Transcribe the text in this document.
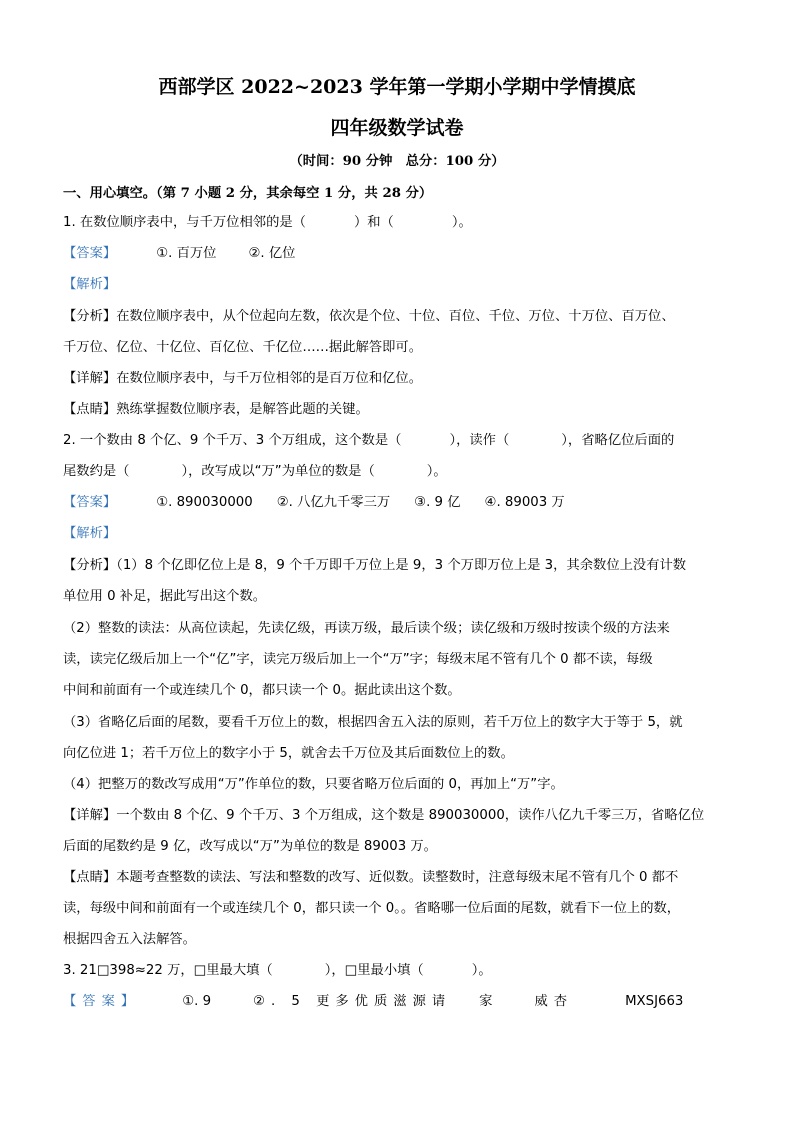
西部学区 2022~2023 学年第一学期小学期中学情摸底
四年级数学试卷
（时间：90 分钟　总分：100 分）
一、用心填空。（第 7 小题 2 分，其余每空 1 分，共 28 分）
1. 在数位顺序表中，与千万位相邻的是（	）和（	）。
【答案】	①. 百万位 ②. 亿位
【解析】
【分析】在数位顺序表中，从个位起向左数，依次是个位、十位、百位、千位、万位、十万位、百万位、
千万位、亿位、十亿位、百亿位、千亿位……据此解答即可。
【详解】在数位顺序表中，与千万位相邻的是百万位和亿位。
【点睛】熟练掌握数位顺序表，是解答此题的关键。
2. 一个数由 8 个亿、9 个千万、3 个万组成，这个数是（	），读作（	），省略亿位后面的
尾数约是（	），改写成以“万”为单位的数是（	）。
【答案】	①. 890030000 ②. 八亿九千零三万 ③. 9 亿 ④. 89003 万
【解析】
【分析】（1）8 个亿即亿位上是 8，9 个千万即千万位上是 9，3 个万即万位上是 3，其余数位上没有计数
单位用 0 补足，据此写出这个数。
（2）整数的读法：从高位读起，先读亿级，再读万级，最后读个级；读亿级和万级时按读个级的方法来
读，读完亿级后加上一个“亿”字，读完万级后加上一个“万”字；每级末尾不管有几个 0 都不读，每级
中间和前面有一个或连续几个 0，都只读一个 0。据此读出这个数。
（3）省略亿后面的尾数，要看千万位上的数，根据四舍五入法的原则，若千万位上的数字大于等于 5，就
向亿位进 1；若千万位上的数字小于 5，就舍去千万位及其后面数位上的数。
（4）把整万的数改写成用“万”作单位的数，只要省略万位后面的 0，再加上“万”字。
【详解】一个数由 8 个亿、9 个千万、3 个万组成，这个数是 890030000，读作八亿九千零三万，省略亿位
后面的尾数约是 9 亿，改写成以“万”为单位的数是 89003 万。
【点睛】本题考查整数的读法、写法和整数的改写、近似数。读整数时，注意每级末尾不管有几个 0 都不
读，每级中间和前面有一个或连续几个 0，都只读一个 0。。省略哪一位后面的尾数，就看下一位上的数，
根据四舍五入法解答。
3. 21□398≈22 万，□里最大填（	），□里最小填（	）。
【答案】	①. 9	②. 5 更多优质滋源请 家	威杏	MXSJ663
